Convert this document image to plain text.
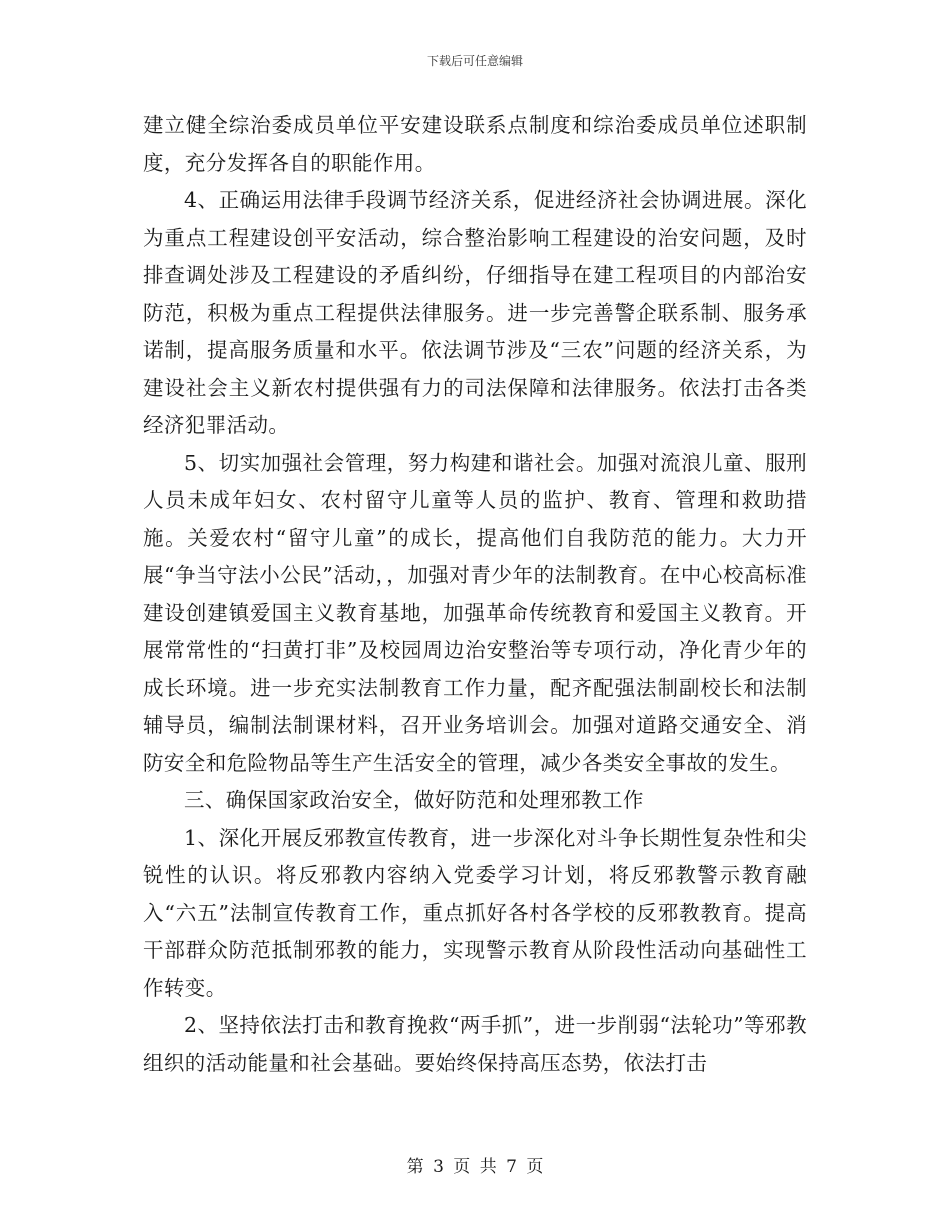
下载后可任意编辑

建立健全综治委成员单位平安建设联系点制度和综治委成员单位述职制度，充分发挥各自的职能作用。

4、正确运用法律手段调节经济关系，促进经济社会协调进展。深化为重点工程建设创平安活动，综合整治影响工程建设的治安问题，及时排查调处涉及工程建设的矛盾纠纷，仔细指导在建工程项目的内部治安防范，积极为重点工程提供法律服务。进一步完善警企联系制、服务承诺制，提高服务质量和水平。依法调节涉及“三农”问题的经济关系，为建设社会主义新农村提供强有力的司法保障和法律服务。依法打击各类经济犯罪活动。

5、切实加强社会管理，努力构建和谐社会。加强对流浪儿童、服刑人员未成年妇女、农村留守儿童等人员的监护、教育、管理和救助措施。关爱农村“留守儿童”的成长，提高他们自我防范的能力。大力开展“争当守法小公民”活动，，加强对青少年的法制教育。在中心校高标准建设创建镇爱国主义教育基地，加强革命传统教育和爱国主义教育。开展常常性的“扫黄打非”及校园周边治安整治等专项行动，净化青少年的成长环境。进一步充实法制教育工作力量，配齐配强法制副校长和法制辅导员，编制法制课材料，召开业务培训会。加强对道路交通安全、消防安全和危险物品等生产生活安全的管理，减少各类安全事故的发生。

三、确保国家政治安全，做好防范和处理邪教工作

1、深化开展反邪教宣传教育，进一步深化对斗争长期性复杂性和尖锐性的认识。将反邪教内容纳入党委学习计划，将反邪教警示教育融入“六五”法制宣传教育工作，重点抓好各村各学校的反邪教教育。提高干部群众防范抵制邪教的能力，实现警示教育从阶段性活动向基础性工作转变。

2、坚持依法打击和教育挽救“两手抓”，进一步削弱“法轮功”等邪教组织的活动能量和社会基础。要始终保持高压态势，依法打击

第 3 页 共 7 页
